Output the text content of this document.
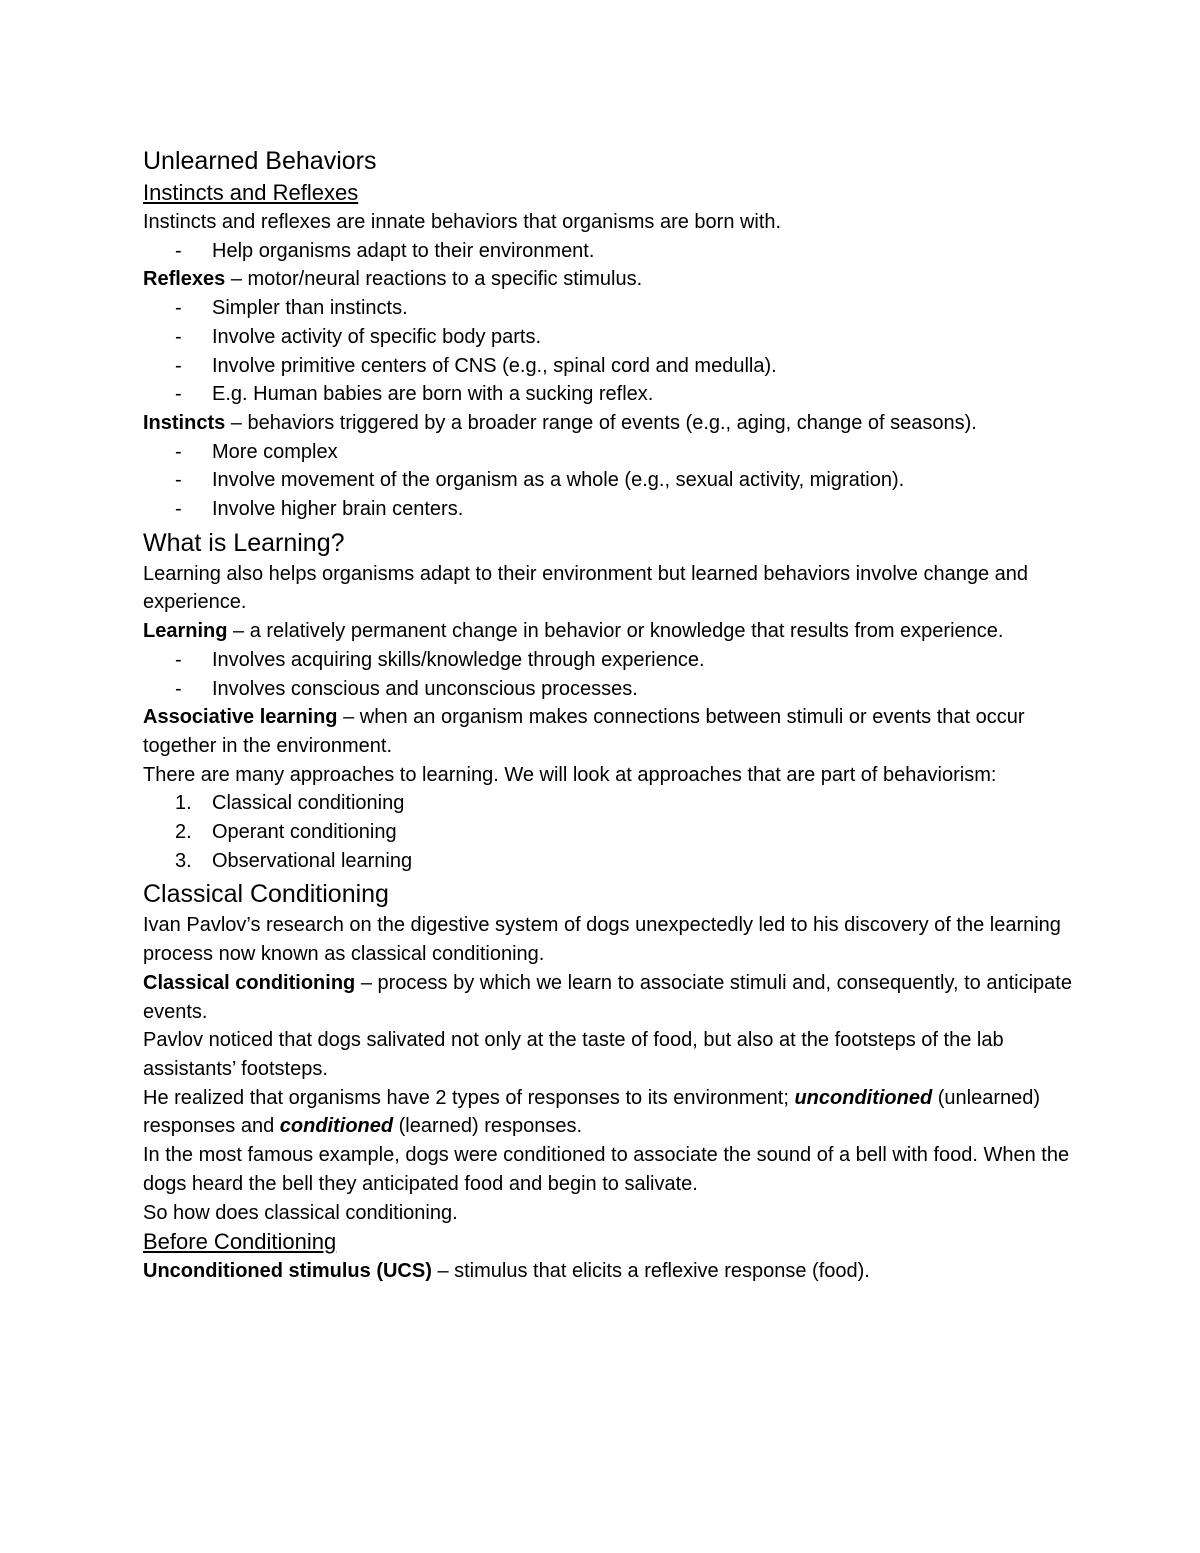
Unlearned Behaviors
Instincts and Reflexes

Instincts and reflexes are innate behaviors that organisms are born with.

- Help organisms adapt to their environment.

Reflexes – motor/neural reactions to a specific stimulus.

- Simpler than instincts.
- Involve activity of specific body parts.
- Involve primitive centers of CNS (e.g., spinal cord and medulla).
- E.g. Human babies are born with a sucking reflex.

Instincts – behaviors triggered by a broader range of events (e.g., aging, change of seasons).

- More complex
- Involve movement of the organism as a whole (e.g., sexual activity, migration).
- Involve higher brain centers.
What is Learning?

Learning also helps organisms adapt to their environment but learned behaviors involve change and experience.

Learning – a relatively permanent change in behavior or knowledge that results from experience.

- Involves acquiring skills/knowledge through experience.
- Involves conscious and unconscious processes.

Associative learning – when an organism makes connections between stimuli or events that occur together in the environment.

There are many approaches to learning. We will look at approaches that are part of behaviorism:

1. Classical conditioning
2. Operant conditioning
3. Observational learning
Classical Conditioning

Ivan Pavlov’s research on the digestive system of dogs unexpectedly led to his discovery of the learning process now known as classical conditioning.

Classical conditioning – process by which we learn to associate stimuli and, consequently, to anticipate events.

Pavlov noticed that dogs salivated not only at the taste of food, but also at the footsteps of the lab assistants’ footsteps.

He realized that organisms have 2 types of responses to its environment; unconditioned (unlearned) responses and conditioned (learned) responses.

In the most famous example, dogs were conditioned to associate the sound of a bell with food. When the dogs heard the bell they anticipated food and begin to salivate.

So how does classical conditioning.

Before Conditioning

Unconditioned stimulus (UCS) – stimulus that elicits a reflexive response (food).
